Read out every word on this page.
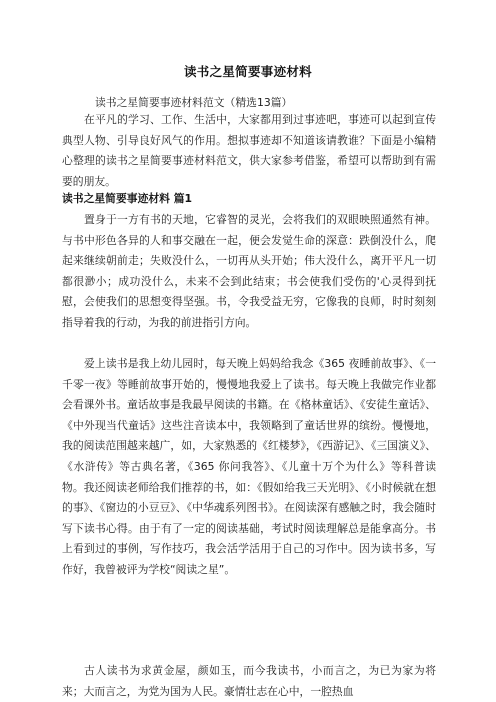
读书之星简要事迹材料
读书之星简要事迹材料范文（精选13篇）
在平凡的学习、工作、生活中，大家都用到过事迹吧，事迹可以起到宣传典型人物、引导良好风气的作用。想拟事迹却不知道该请教谁？下面是小编精心整理的读书之星简要事迹材料范文，供大家参考借鉴，希望可以帮助到有需要的朋友。
读书之星简要事迹材料 篇1
置身于一方有书的天地，它睿智的灵光，会将我们的双眼映照通然有神。与书中形色各异的人和事交融在一起，便会发觉生命的深意：跌倒没什么，爬起来继续朝前走；失败没什么，一切再从头开始；伟大没什么，离开平凡一切都很渺小；成功没什么，未来不会到此结束；书会使我们受伤的'心灵得到抚慰，会使我们的思想变得坚强。书，令我受益无穷，它像我的良师，时时刻刻指导着我的行动，为我的前进指引方向。
爱上读书是我上幼儿园时，每天晚上妈妈给我念《365 夜睡前故事》、《一千零一夜》等睡前故事开始的，慢慢地我爱上了读书。每天晚上我做完作业都会看课外书。童话故事是我最早阅读的书籍。在《格林童话》、《安徒生童话》、《中外现当代童话》这些注音读本中，我领略到了童话世界的缤纷。慢慢地，我的阅读范围越来越广，如，大家熟悉的《红楼梦》，《西游记》、《三国演义》、《水浒传》等古典名著，《365 你问我答》、《儿童十万个为什么》等科普读物。我还阅读老师给我们推荐的书，如：《假如给我三天光明》、《小时候就在想的事》、《窗边的小豆豆》、《中华魂系列图书》。在阅读深有感触之时，我会随时写下读书心得。由于有了一定的阅读基础，考试时阅读理解总是能拿高分。书上看到过的事例，写作技巧，我会活学活用于自己的习作中。因为读书多，写作好，我曾被评为学校“阅读之星”。
古人读书为求黄金屋，颜如玉，而今我读书，小而言之，为已为家为将来；大而言之，为党为国为人民。豪情壮志在心中，一腔热血
